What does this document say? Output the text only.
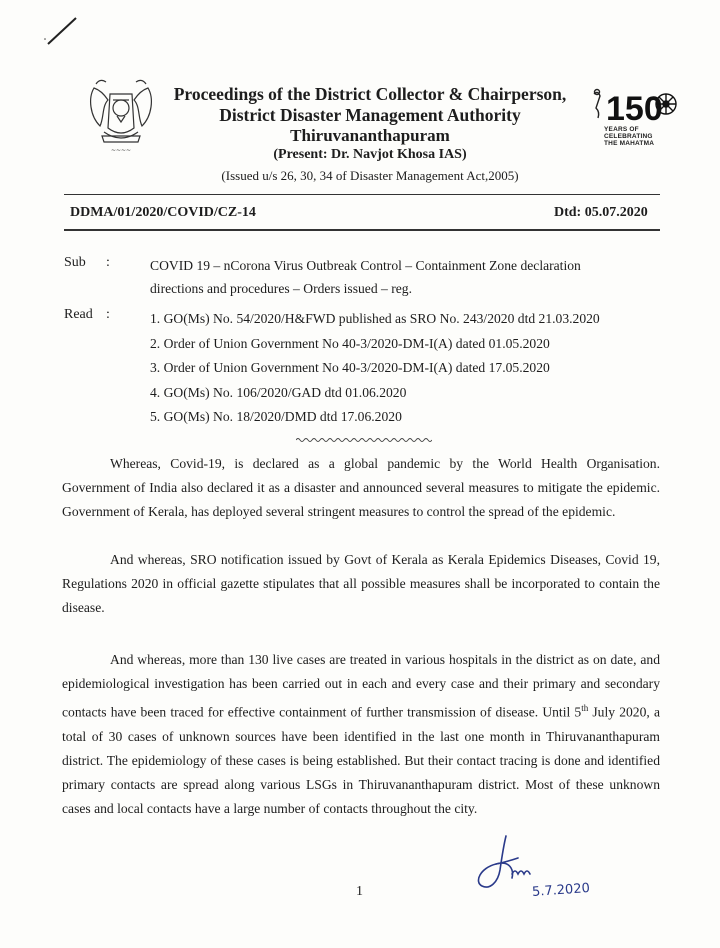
~~~~
150
YEARS OF
CELEBRATING
THE MAHATMA
Proceedings of the District Collector & Chairperson,
District Disaster Management Authority
Thiruvananthapuram
(Present: Dr. Navjot Khosa IAS)
(Issued u/s 26, 30, 34 of Disaster Management Act,2005)
DDMA/01/2020/COVID/CZ-14	Dtd: 05.07.2020
Sub :	COVID 19 – nCorona Virus Outbreak Control – Containment Zone declaration directions and procedures – Orders issued – reg.
Read :	1. GO(Ms) No. 54/2020/H&FWD published as SRO No. 243/2020 dtd 21.03.2020
2. Order of Union Government No 40-3/2020-DM-I(A) dated 01.05.2020
3. Order of Union Government No 40-3/2020-DM-I(A) dated 17.05.2020
4. GO(Ms) No. 106/2020/GAD dtd 01.06.2020
5. GO(Ms) No. 18/2020/DMD dtd 17.06.2020

Whereas, Covid-19, is declared as a global pandemic by the World Health Organisation. Government of India also declared it as a disaster and announced several measures to mitigate the epidemic. Government of Kerala, has deployed several stringent measures to control the spread of the epidemic.

And whereas, SRO notification issued by Govt of Kerala as Kerala Epidemics Diseases, Covid 19, Regulations 2020 in official gazette stipulates that all possible measures shall be incorporated to contain the disease.

And whereas, more than 130 live cases are treated in various hospitals in the district as on date, and epidemiological investigation has been carried out in each and every case and their primary and secondary contacts have been traced for effective containment of further transmission of disease. Until 5th July 2020, a total of 30 cases of unknown sources have been identified in the last one month in Thiruvananthapuram district. The epidemiology of these cases is being established. But their contact tracing is done and identified primary contacts are spread along various LSGs in Thiruvananthapuram district. Most of these unknown cases and local contacts have a large number of contacts throughout the city.

1	5.7.2020
